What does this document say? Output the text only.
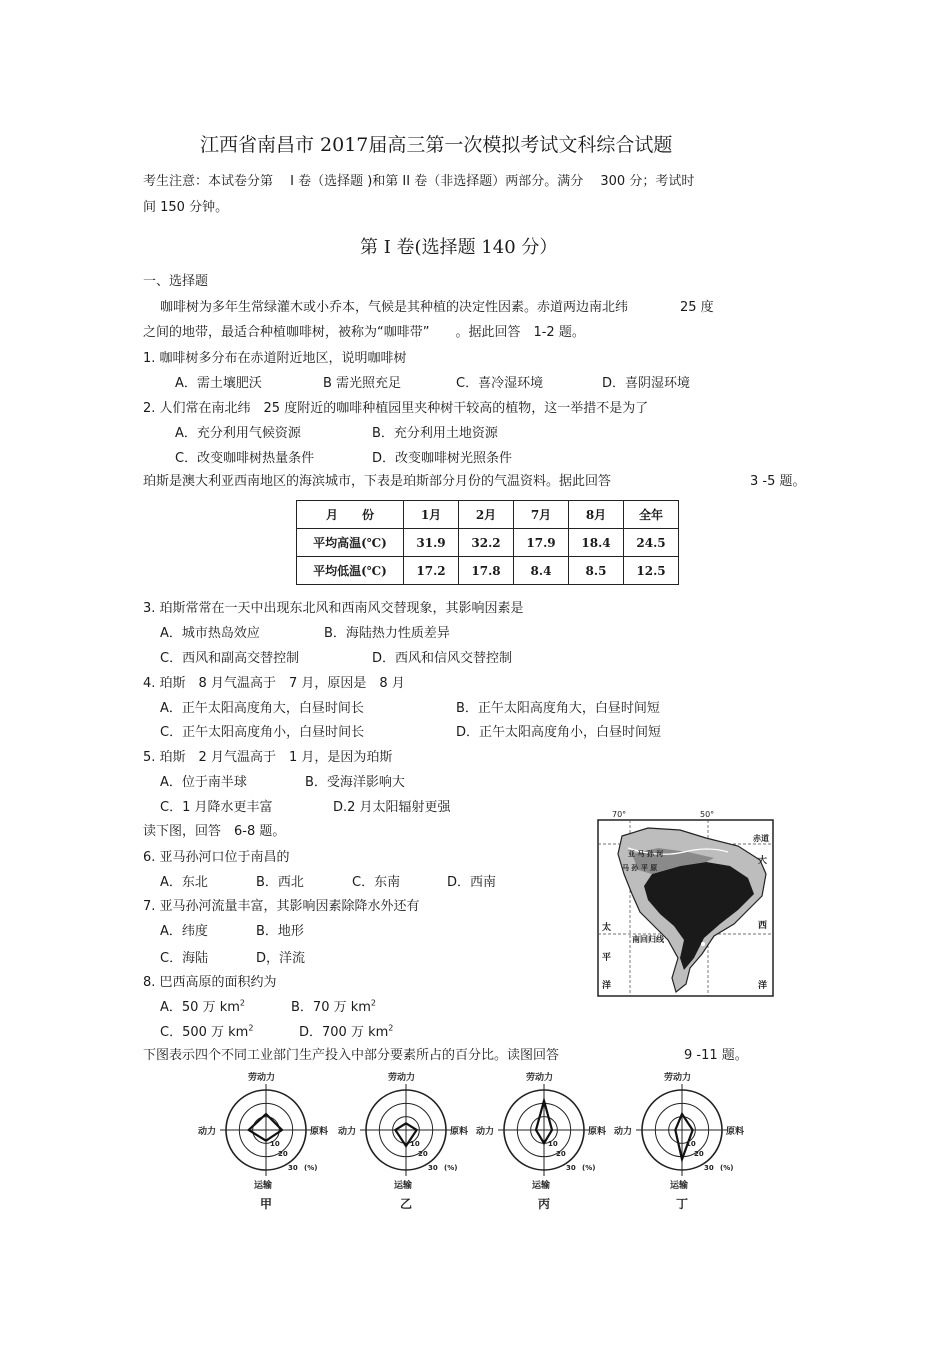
江西省南昌市 2017届高三第一次模拟考试文科综合试题
考生注意：本试卷分第　 I 卷（选择题 )和第 II 卷（非选择题）两部分。满分　 300 分；考试时
间 150 分钟。
第 I 卷(选择题 140 分）
一、选择题
咖啡树为多年生常绿灌木或小乔本，气候是其种植的决定性因素。赤道两边南北纬　　　　25 度
之间的地带，最适合种植咖啡树，被称为“咖啡带”　　。据此回答　1-2 题。
1. 咖啡树多分布在赤道附近地区，说明咖啡树
A．需土壤肥沃	B 需光照充足	C．喜冷湿环境	D．喜阴湿环境
2. 人们常在南北纬　25 度附近的咖啡种植园里夹种树干较高的植物，这一举措不是为了
A．充分利用气候资源	B．充分利用土地资源
C．改变咖啡树热量条件	D．改变咖啡树光照条件
珀斯是澳大利亚西南地区的海滨城市，下表是珀斯部分月份的气温资料。据此回答	3 -5 题。
月　　份	1月	2月	7月	8月	全年
平均高温(℃)	31.9	32.2	17.9	18.4	24.5
平均低温(℃)	17.2	17.8	8.4	8.5	12.5
3. 珀斯常常在一天中出现东北风和西南风交替现象，其影响因素是
A．城市热岛效应	B．海陆热力性质差异
C．西风和副高交替控制	D．西风和信风交替控制
4. 珀斯　8 月气温高于　7 月，原因是　8 月
A．正午太阳高度角大，白昼时间长	B．正午太阳高度角大，白昼时间短
C．正午太阳高度角小，白昼时间长	D．正午太阳高度角小，白昼时间短
5. 珀斯　2 月气温高于　1 月，是因为珀斯
A．位于南半球	B．受海洋影响大
C．1 月降水更丰富	D.2 月太阳辐射更强
读下图，回答　6-8 题。
6. 亚马孙河口位于南昌的
A．东北	B．西北	C．东南	D．西南
7. 亚马孙河流量丰富，其影响因素除降水外还有
A．纬度	B．地形
C．海陆	D，洋流
8. 巴西高原的面积约为
A．50 万 $km^2$	B．70 万 $km^2$
C．500 万 $km^2$	D．700 万 $km^2$
下图表示四个不同工业部门生产投入中部分要素所占的百分比。读图回答	9 -11 题。
70°	50°
赤道
大
西
洋
太
平
洋
南回归线
亚 马 孙 河
马 孙 平 原
劳动力
动力	原料
运输
10
20
30 (%)
甲
劳动力
动力	原料
运输
10
20
30 (%)
乙
劳动力
动力	原料
运输
10
20
30 (%)
丙
劳动力
动力	原料
运输
10
20
30 (%)
丁
